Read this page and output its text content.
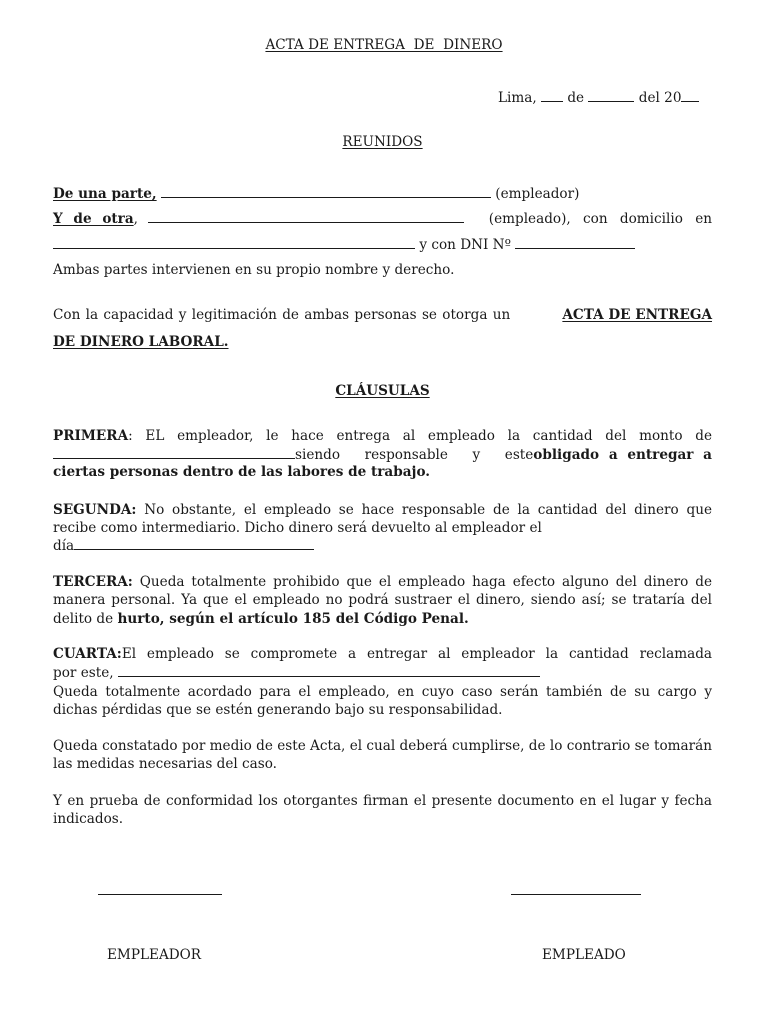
ACTA DE ENTREGA  DE  DINERO
Lima, de	del 20
REUNIDOS
De una parte,	(empleador)
Y de otra ,	(empleado), con domicilio en
y con DNI Nº
Ambas partes intervienen en su propio nombre y derecho.
Con la capacidad y legitimación de ambas personas se otorga un	ACTA DE ENTREGA
DE DINERO LABORAL.
CLÁUSULAS
PRIMERA : EL empleador, le hace entrega al empleado la cantidad del monto de
siendo responsable y este obligado a entregar a
ciertas personas dentro de las labores de trabajo.
SEGUNDA: No obstante, el empleado se hace responsable de la cantidad del dinero que recibe como intermediario. Dicho dinero será devuelto al empleador el
día
TERCERA: Queda totalmente prohibido que el empleado haga efecto alguno del dinero de manera personal. Ya que el empleado no podrá sustraer el dinero, siendo así; se trataría del delito de hurto, según el artículo 185 del Código Penal.
CUARTA: El empleado se compromete a entregar al empleador la cantidad reclamada
por este,
Queda totalmente acordado para el empleado, en cuyo caso serán también de su cargo y dichas pérdidas que se estén generando bajo su responsabilidad.
Queda constatado por medio de este Acta, el cual deberá cumplirse, de lo contrario se tomarán las medidas necesarias del caso.
Y en prueba de conformidad los otorgantes firman el presente documento en el lugar y fecha indicados.
EMPLEADOR	EMPLEADO
